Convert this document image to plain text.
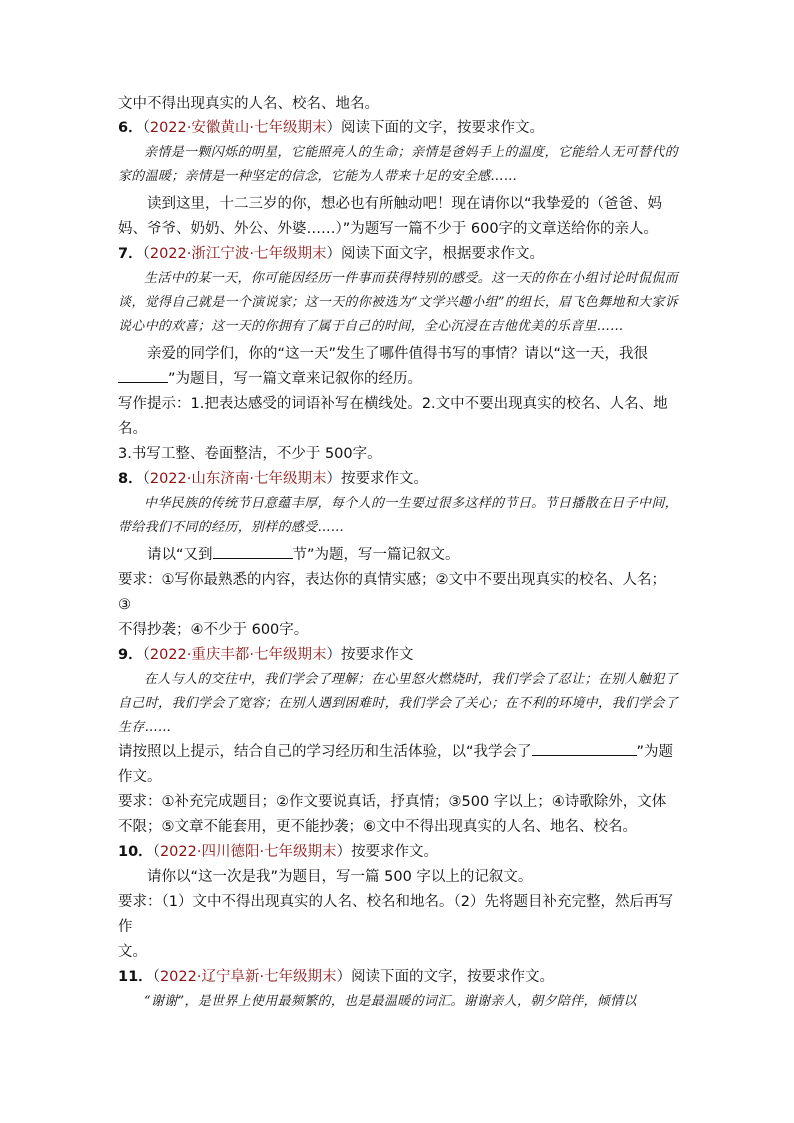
文中不得出现真实的人名、校名、地名。

6．（2022·安徽黄山·七年级期末）阅读下面的文字，按要求作文。

亲情是一颗闪烁的明星，它能照亮人的生命；亲情是爸妈手上的温度，它能给人无可替代的家的温暖；亲情是一种坚定的信念，它能为人带来十足的安全感……

读到这里，十二三岁的你，想必也有所触动吧！现在请你以“我挚爱的（爸爸、妈妈、爷爷、奶奶、外公、外婆……）”为题写一篇不少于 600字的文章送给你的亲人。

7．（2022·浙江宁波·七年级期末）阅读下面文字，根据要求作文。

生活中的某一天，你可能因经历一件事而获得特别的感受。这一天的你在小组讨论时侃侃而谈，觉得自己就是一个演说家；这一天的你被选为“文学兴趣小组”的组长，眉飞色舞地和大家诉说心中的欢喜；这一天的你拥有了属于自己的时间，全心沉浸在吉他优美的乐音里……

亲爱的同学们，你的“这一天”发生了哪件值得书写的事情？请以“这一天，我很”为题目，写一篇文章来记叙你的经历。

写作提示：1.把表达感受的词语补写在横线处。2.文中不要出现真实的校名、人名、地名。

3.书写工整、卷面整洁，不少于 500字。

8．（2022·山东济南·七年级期末）按要求作文。

中华民族的传统节日意蕴丰厚，每个人的一生要过很多这样的节日。节日播散在日子中间，带给我们不同的经历，别样的感受……

请以“又到	节”为题，写一篇记叙文。

要求：①写你最熟悉的内容，表达你的真情实感；②文中不要出现真实的校名、人名；③

不得抄袭；④不少于 600字。

9．（2022·重庆丰都·七年级期末）按要求作文

在人与人的交往中，我们学会了理解；在心里怒火燃烧时，我们学会了忍让；在别人触犯了自己时，我们学会了宽容；在别人遇到困难时，我们学会了关心；在不利的环境中，我们学会了生存……

请按照以上提示，结合自己的学习经历和生活体验，以“我学会了	”为题作文。

要求：①补充完成题目；②作文要说真话，抒真情；③500 字以上；④诗歌除外，文体

不限；⑤文章不能套用，更不能抄袭；⑥文中不得出现真实的人名、地名、校名。

10．（2022·四川德阳·七年级期末）按要求作文。

请你以“这一次是我”为题目，写一篇 500 字以上的记叙文。

要求：（1）文中不得出现真实的人名、校名和地名。（2）先将题目补充完整，然后再写作

文。

11．（2022·辽宁阜新·七年级期末）阅读下面的文字，按要求作文。

“谢谢”，是世界上使用最频繁的，也是最温暖的词汇。谢谢亲人，朝夕陪伴，倾情以
